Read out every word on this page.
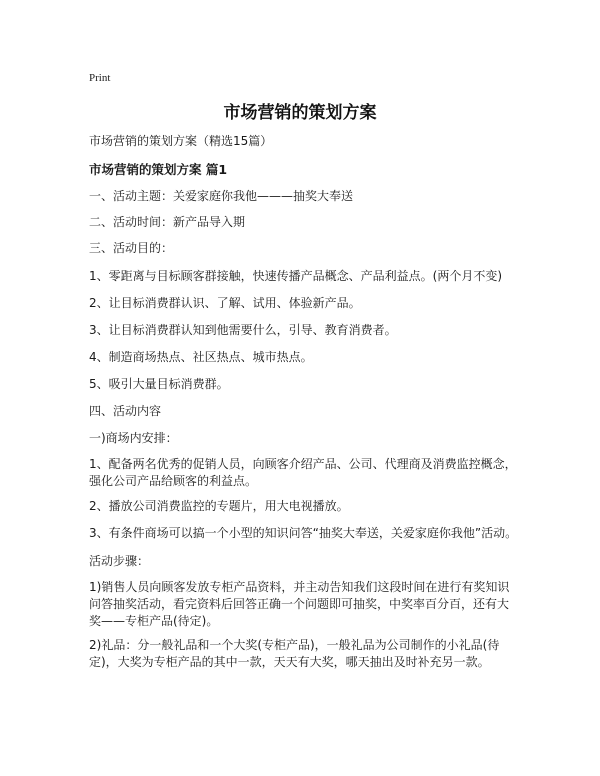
Print
市场营销的策划方案
市场营销的策划方案（精选15篇）
市场营销的策划方案 篇1
一、活动主题：关爱家庭你我他———抽奖大奉送
二、活动时间：新产品导入期
三、活动目的：
1、零距离与目标顾客群接触，快速传播产品概念、产品利益点。(两个月不变)
2、让目标消费群认识、了解、试用、体验新产品。
3、让目标消费群认知到他需要什么，引导、教育消费者。
4、制造商场热点、社区热点、城市热点。
5、吸引大量目标消费群。
四、活动内容
一)商场内安排：
1、配备两名优秀的促销人员，向顾客介绍产品、公司、代理商及消费监控概念，强化公司产品给顾客的利益点。
2、播放公司消费监控的专题片，用大电视播放。
3、有条件商场可以搞一个小型的知识问答“抽奖大奉送，关爱家庭你我他”活动。
活动步骤：
1)销售人员向顾客发放专柜产品资料，并主动告知我们这段时间在进行有奖知识问答抽奖活动，看完资料后回答正确一个问题即可抽奖，中奖率百分百，还有大奖——专柜产品(待定)。
2)礼品：分一般礼品和一个大奖(专柜产品)，一般礼品为公司制作的小礼品(待定)，大奖为专柜产品的其中一款，天天有大奖，哪天抽出及时补充另一款。
